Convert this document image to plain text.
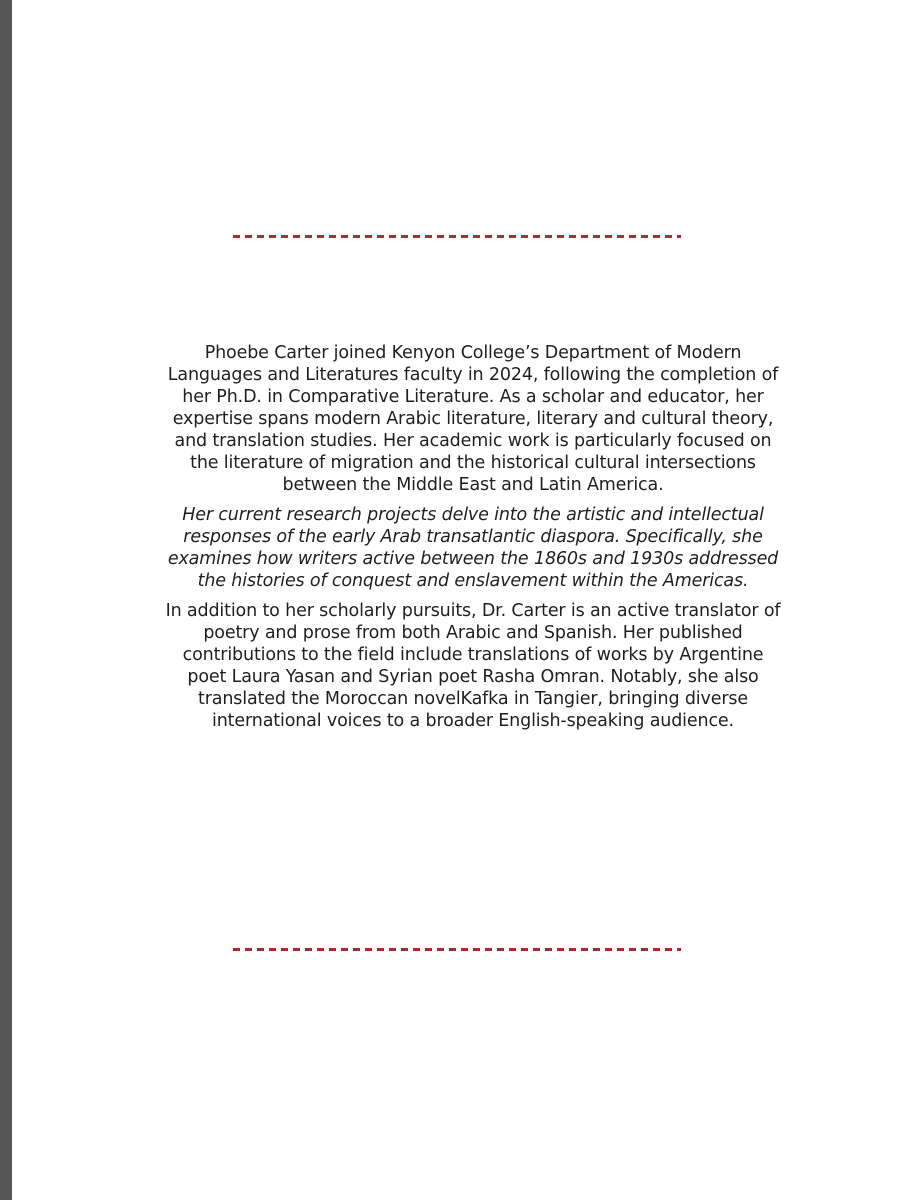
Phoebe Carter joined Kenyon College’s Department of Modern Languages and Literatures faculty in 2024, following the completion of her Ph.D. in Comparative Literature. As a scholar and educator, her expertise spans modern Arabic literature, literary and cultural theory, and translation studies. Her academic work is particularly focused on the literature of migration and the historical cultural intersections between the Middle East and Latin America.

Her current research projects delve into the artistic and intellectual responses of the early Arab transatlantic diaspora. Specifically, she examines how writers active between the 1860s and 1930s addressed the histories of conquest and enslavement within the Americas.

In addition to her scholarly pursuits, Dr. Carter is an active translator of poetry and prose from both Arabic and Spanish. Her published contributions to the field include translations of works by Argentine poet Laura Yasan and Syrian poet Rasha Omran. Notably, she also translated the Moroccan novelKafka in Tangier, bringing diverse international voices to a broader English-speaking audience.
